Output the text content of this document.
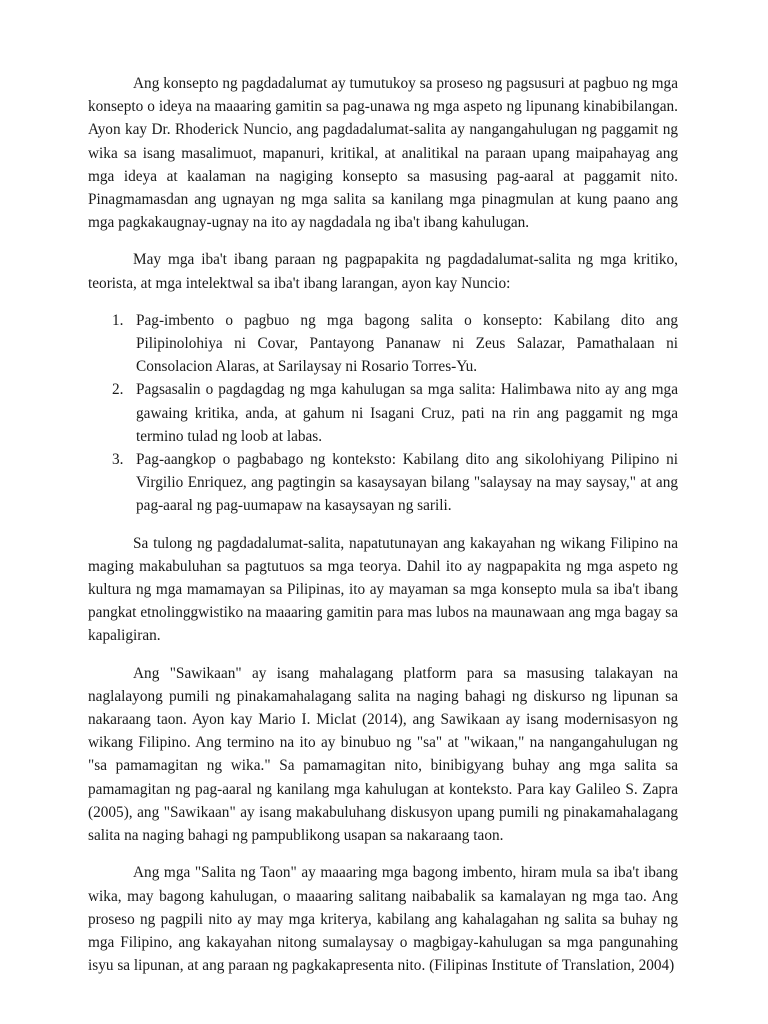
Ang konsepto ng pagdadalumat ay tumutukoy sa proseso ng pagsusuri at pagbuo ng mga konsepto o ideya na maaaring gamitin sa pag-unawa ng mga aspeto ng lipunang kinabibilangan. Ayon kay Dr. Rhoderick Nuncio, ang pagdadalumat-salita ay nangangahulugan ng paggamit ng wika sa isang masalimuot, mapanuri, kritikal, at analitikal na paraan upang maipahayag ang mga ideya at kaalaman na nagiging konsepto sa masusing pag-aaral at paggamit nito. Pinagmamasdan ang ugnayan ng mga salita sa kanilang mga pinagmulan at kung paano ang mga pagkakaugnay-ugnay na ito ay nagdadala ng iba't ibang kahulugan.

May mga iba't ibang paraan ng pagpapakita ng pagdadalumat-salita ng mga kritiko, teorista, at mga intelektwal sa iba't ibang larangan, ayon kay Nuncio:

1. Pag-imbento o pagbuo ng mga bagong salita o konsepto: Kabilang dito ang Pilipinolohiya ni Covar, Pantayong Pananaw ni Zeus Salazar, Pamathalaan ni Consolacion Alaras, at Sarilaysay ni Rosario Torres-Yu.
2. Pagsasalin o pagdagdag ng mga kahulugan sa mga salita: Halimbawa nito ay ang mga gawaing kritika, anda, at gahum ni Isagani Cruz, pati na rin ang paggamit ng mga termino tulad ng loob at labas.
3. Pag-aangkop o pagbabago ng konteksto: Kabilang dito ang sikolohiyang Pilipino ni Virgilio Enriquez, ang pagtingin sa kasaysayan bilang "salaysay na may saysay," at ang pag-aaral ng pag-uumapaw na kasaysayan ng sarili.

Sa tulong ng pagdadalumat-salita, napatutunayan ang kakayahan ng wikang Filipino na maging makabuluhan sa pagtutuos sa mga teorya. Dahil ito ay nagpapakita ng mga aspeto ng kultura ng mga mamamayan sa Pilipinas, ito ay mayaman sa mga konsepto mula sa iba't ibang pangkat etnolinggwistiko na maaaring gamitin para mas lubos na maunawaan ang mga bagay sa kapaligiran.

Ang "Sawikaan" ay isang mahalagang platform para sa masusing talakayan na naglalayong pumili ng pinakamahalagang salita na naging bahagi ng diskurso ng lipunan sa nakaraang taon. Ayon kay Mario I. Miclat (2014), ang Sawikaan ay isang modernisasyon ng wikang Filipino. Ang termino na ito ay binubuo ng "sa" at "wikaan," na nangangahulugan ng "sa pamamagitan ng wika." Sa pamamagitan nito, binibigyang buhay ang mga salita sa pamamagitan ng pag-aaral ng kanilang mga kahulugan at konteksto. Para kay Galileo S. Zapra (2005), ang "Sawikaan" ay isang makabuluhang diskusyon upang pumili ng pinakamahalagang salita na naging bahagi ng pampublikong usapan sa nakaraang taon.

Ang mga "Salita ng Taon" ay maaaring mga bagong imbento, hiram mula sa iba't ibang wika, may bagong kahulugan, o maaaring salitang naibabalik sa kamalayan ng mga tao. Ang proseso ng pagpili nito ay may mga kriterya, kabilang ang kahalagahan ng salita sa buhay ng mga Filipino, ang kakayahan nitong sumalaysay o magbigay-kahulugan sa mga pangunahing isyu sa lipunan, at ang paraan ng pagkakapresenta nito. (Filipinas Institute of Translation, 2004)
